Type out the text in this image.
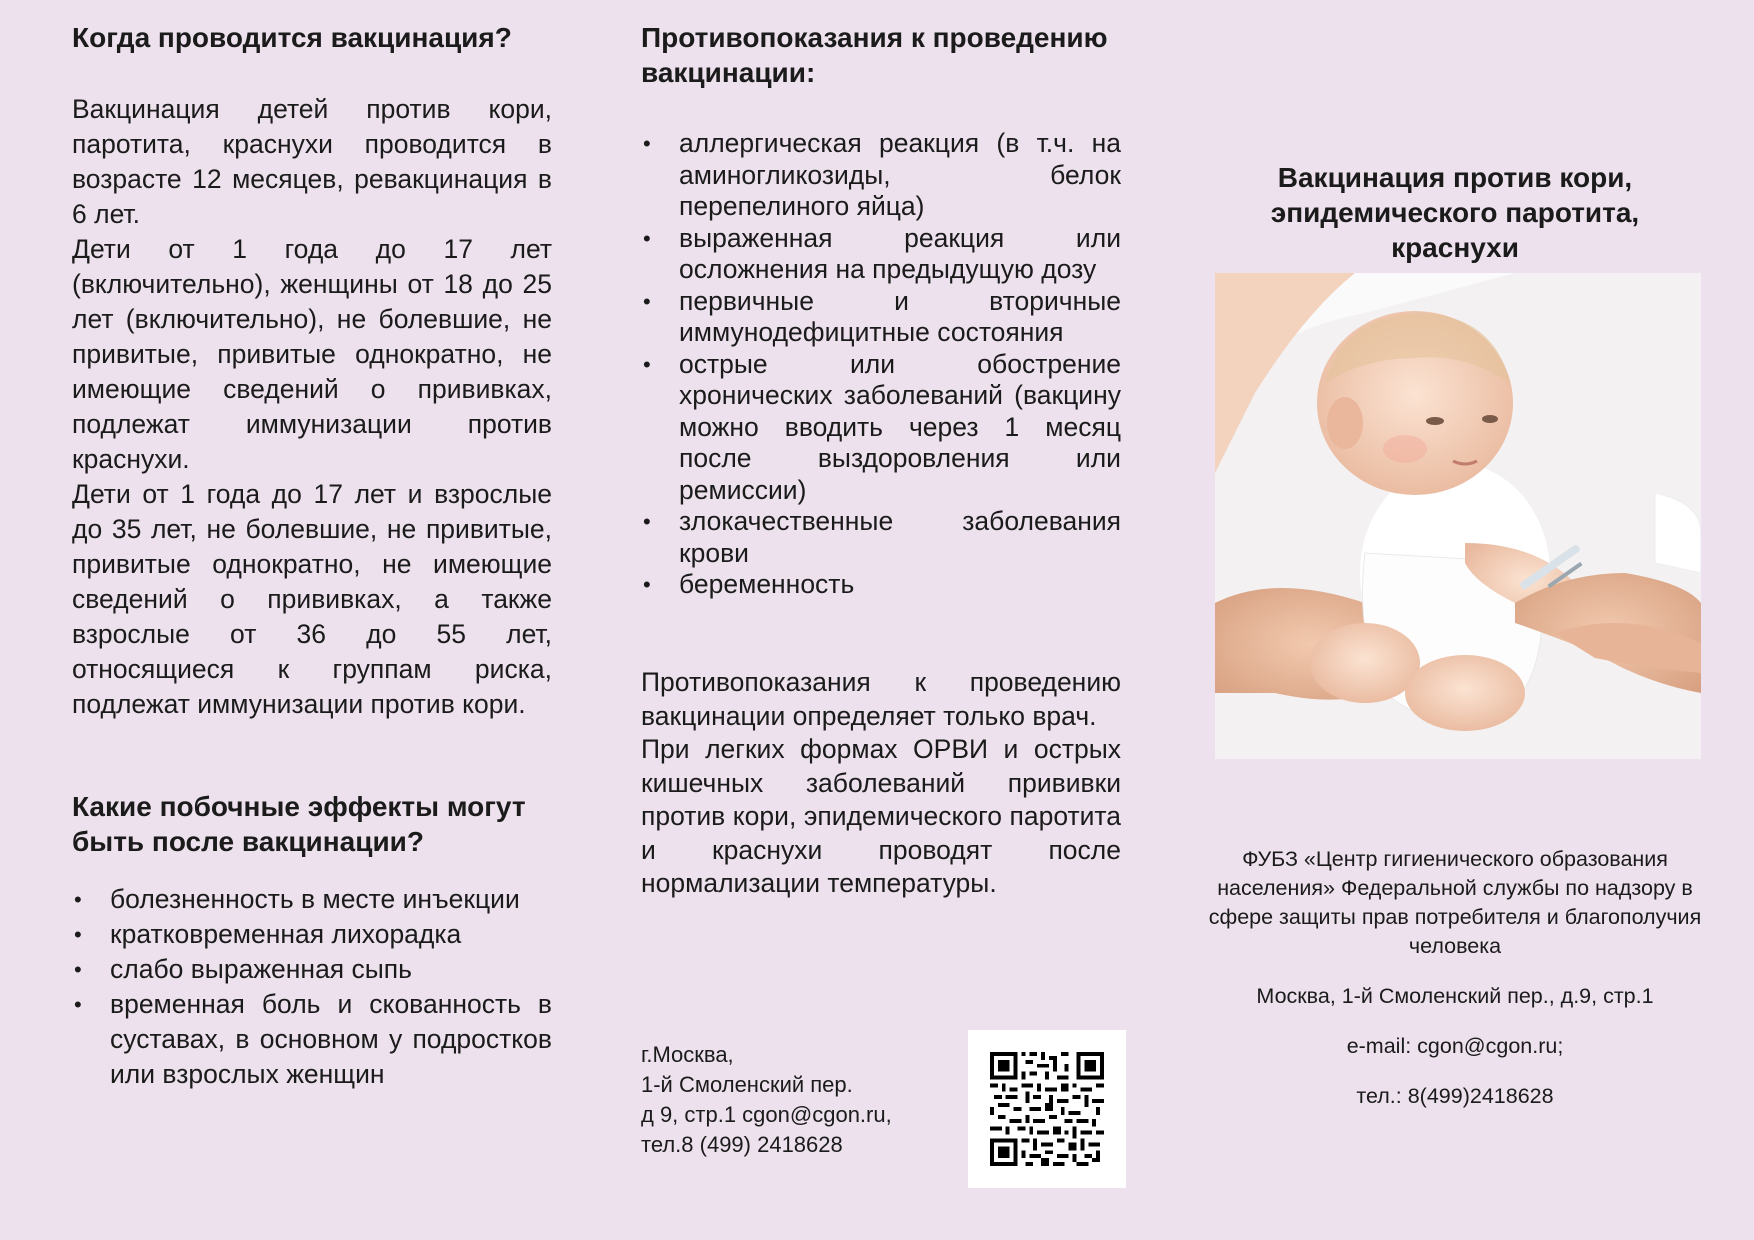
Когда проводится вакцинация?

Вакцинация детей против кори, паротита, краснухи проводится в возрасте 12 месяцев, ревакцинация в 6 лет.

Дети от 1 года до 17 лет (включительно), женщины от 18 до 25 лет (включительно), не болевшие, не привитые, привитые однократно, не имеющие сведений о прививках, подлежат иммунизации против краснухи.

Дети от 1 года до 17 лет и взрослые до 35 лет, не болевшие, не привитые, привитые однократно, не имеющие сведений о прививках, а также взрослые от 36 до 55 лет, относящиеся к группам риска, подлежат иммунизации против кори.

Какие побочные эффекты могут быть после вакцинации?
• болезненность в месте инъекции
• кратковременная лихорадка
• слабо выраженная сыпь
• временная боль и скованность в суставах, в основном у подростков или взрослых женщин
Противопоказания к проведению вакцинации:
• аллергическая реакция (в т.ч. на аминогликозиды, белок перепелиного яйца)
• выраженная реакция или осложнения на предыдущую дозу
• первичные и вторичные иммунодефицитные состояния
• острые или обострение хронических заболеваний (вакцину можно вводить через 1 месяц после выздоровления или ремиссии)
• злокачественные заболевания крови
• беременность

Противопоказания к проведению вакцинации определяет только врач.

При легких формах ОРВИ и острых кишечных заболеваний прививки против кори, эпидемического паротита и краснухи проводят после нормализации температуры.

г.Москва,
1-й Смоленский пер.
д 9, стр.1 cgon@cgon.ru,
тел.8 (499) 2418628
Вакцинация против кори, эпидемического паротита, краснухи
ФУБЗ «Центр гигиенического образования населения» Федеральной службы по надзору в сфере защиты прав потребителя и благополучия человека
Москва, 1-й Смоленский пер., д.9, стр.1
e-mail: cgon@cgon.ru;
тел.: 8(499)2418628
